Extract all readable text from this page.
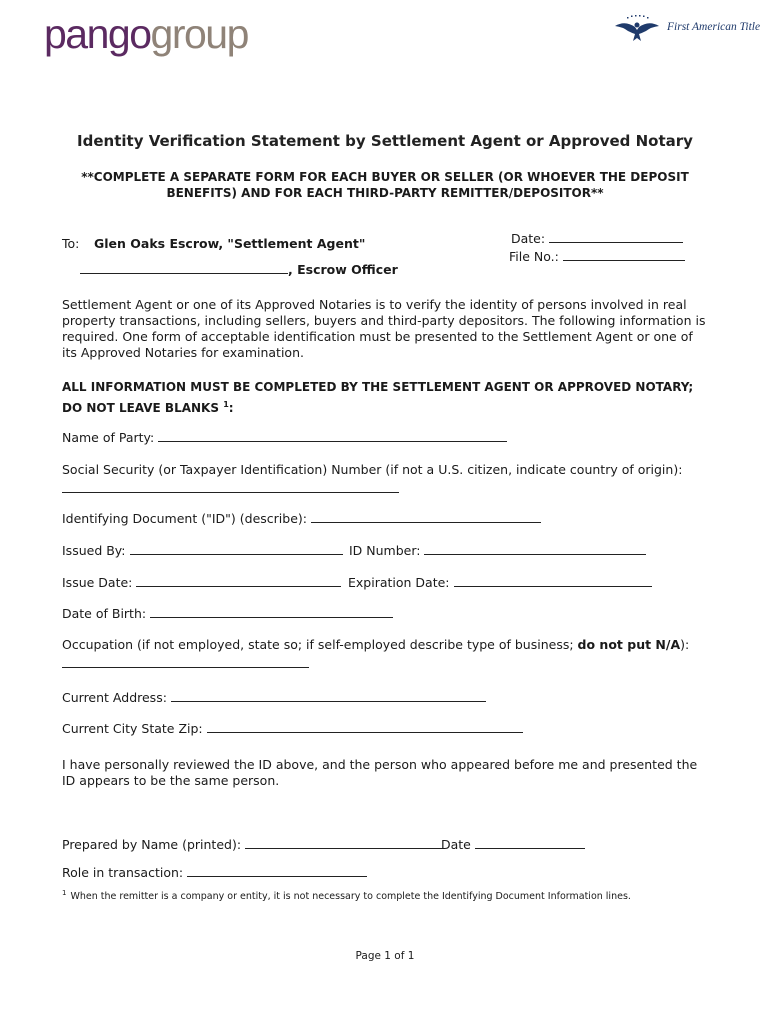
pangogroup	First American Title
Identity Verification Statement by Settlement Agent or Approved Notary
**COMPLETE A SEPARATE FORM FOR EACH BUYER OR SELLER (OR WHOEVER THE DEPOSIT
BENEFITS) AND FOR EACH THIRD-PARTY REMITTER/DEPOSITOR**
To: Glen Oaks Escrow, "Settlement Agent"
, Escrow Officer
Date:
File No.:
Settlement Agent or one of its Approved Notaries is to verify the identity of persons involved in real property transactions, including sellers, buyers and third-party depositors. The following information is required. One form of acceptable identification must be presented to the Settlement Agent or one of its Approved Notaries for examination.
ALL INFORMATION MUST BE COMPLETED BY THE SETTLEMENT AGENT OR APPROVED NOTARY; DO NOT LEAVE BLANKS $^1$:
Name of Party:
Social Security (or Taxpayer Identification) Number (if not a U.S. citizen, indicate country of origin):
Identifying Document ("ID") (describe):
Issued By:	ID Number:
Issue Date:	Expiration Date:
Date of Birth:
Occupation (if not employed, state so; if self-employed describe type of business; do not put N/A):
Current Address:
Current City State Zip:
I have personally reviewed the ID above, and the person who appeared before me and presented the ID appears to be the same person.
Prepared by Name (printed):	Date
Role in transaction:
$^1$ When the remitter is a company or entity, it is not necessary to complete the Identifying Document Information lines.
Page 1 of 1
